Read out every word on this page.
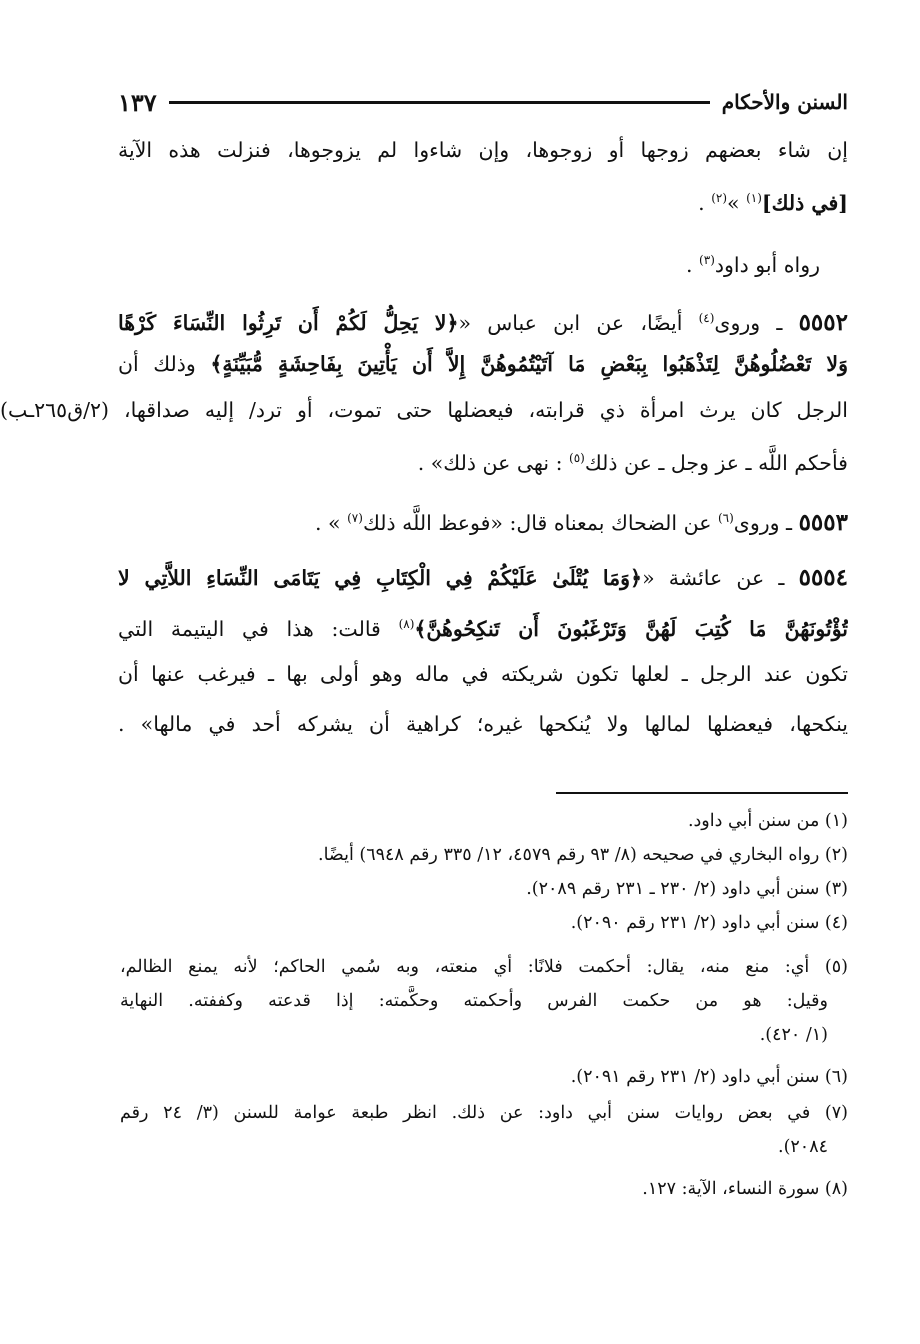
السنن والأحكام
١٣٧
إن شاء بعضهم زوجها أو زوجوها، وإن شاءوا لم يزوجوها، فنزلت هذه الآية
[في ذلك]$^{(١)}$ »$^{(٢)}$ .
رواه أبو داود$^{(٣)}$ .
٥٥٥٢ ـ وروى$^{(٤)}$ أيضًا، عن ابن عباس «﴿لا يَحِلُّ لَكُمْ أَن تَرِثُوا النِّسَاءَ كَرْهًا
وَلا تَعْضُلُوهُنَّ لِتَذْهَبُوا بِبَعْضِ مَا آتَيْتُمُوهُنَّ إِلاَّ أَن يَأْتِينَ بِفَاحِشَةٍ مُّبَيِّنَةٍ﴾ وذلك أن
الرجل كان يرث امرأة ذي قرابته، فيعضلها حتى تموت، أو ترد/ إليه صداقها، (٢/ق٢٦٥ـب)
فأحكم اللَّه ـ عز وجل ـ عن ذلك$^{(٥)}$ : نهى عن ذلك» .
٥٥٥٣ ـ وروى$^{(٦)}$ عن الضحاك بمعناه قال: «فوعظ اللَّه ذلك$^{(٧)}$ » .
٥٥٥٤ ـ عن عائشة «﴿وَمَا يُتْلَىٰ عَلَيْكُمْ فِي الْكِتَابِ فِي يَتَامَى النِّسَاءِ اللاَّتِي لا
تُؤْتُونَهُنَّ مَا كُتِبَ لَهُنَّ وَتَرْغَبُونَ أَن تَنكِحُوهُنَّ﴾$^{(٨)}$ قالت: هذا في اليتيمة التي
تكون عند الرجل ـ لعلها تكون شريكته في ماله وهو أولى بها ـ فيرغب عنها أن
ينكحها، فيعضلها لمالها ولا يُنكحها غيره؛ كراهية أن يشركه أحد في مالها» .
(١) من سنن أبي داود.
(٢) رواه البخاري في صحيحه (٨/ ٩٣ رقم ٤٥٧٩، ١٢/ ٣٣٥ رقم ٦٩٤٨) أيضًا.
(٣) سنن أبي داود (٢/ ٢٣٠ ـ ٢٣١ رقم ٢٠٨٩).
(٤) سنن أبي داود (٢/ ٢٣١ رقم ٢٠٩٠).
(٥) أي: منع منه، يقال: أحكمت فلانًا: أي منعته، وبه سُمي الحاكم؛ لأنه يمنع الظالم،
وقيل: هو من حكمت الفرس وأحكمته وحكَّمته: إذا قدعته وكففته. النهاية
(١/ ٤٢٠).
(٦) سنن أبي داود (٢/ ٢٣١ رقم ٢٠٩١).
(٧) في بعض روايات سنن أبي داود: عن ذلك. انظر طبعة عوامة للسنن (٣/ ٢٤ رقم
٢٠٨٤).
(٨) سورة النساء، الآية: ١٢٧.
